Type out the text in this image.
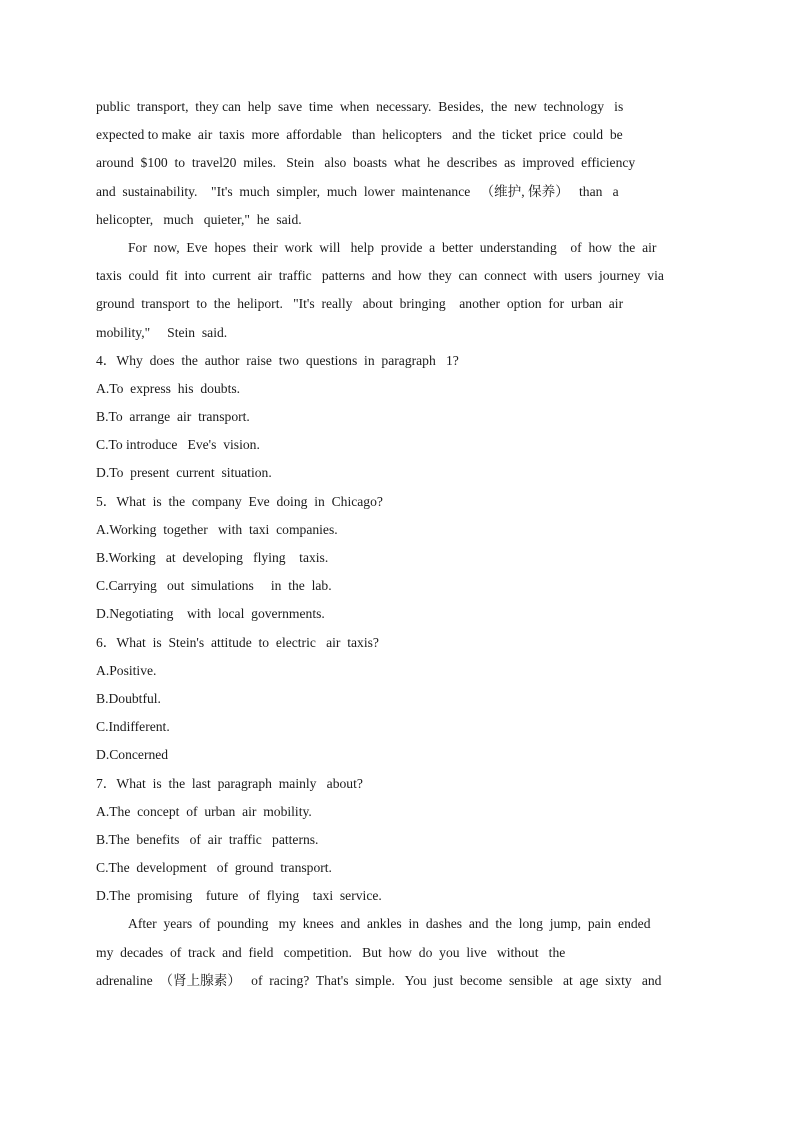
public  transport,  they can  help  save  time  when  necessary.  Besides,  the  new  technology   is
expected to make  air  taxis  more  affordable   than  helicopters   and  the  ticket  price  could  be
around  $100  to  travel20  miles.   Stein   also  boasts  what  he  describes  as  improved  efficiency
and  sustainability.    "It's  much  simpler,  much  lower  maintenance   （维护, 保养）   than   a
helicopter,   much   quieter,"  he  said.
For  now,  Eve  hopes  their  work  will   help  provide  a  better  understanding    of  how  the  air
taxis  could  fit  into  current  air  traffic   patterns  and  how  they  can  connect  with  users  journey  via
ground  transport  to  the  heliport.   "It's  really   about  bringing    another  option  for  urban  air
mobility,"     Stein  said.
4．Why  does  the  author  raise  two  questions  in  paragraph   1?
A.To  express  his  doubts.
B.To  arrange  air  transport.
C.To introduce   Eve's  vision.
D.To  present  current  situation.
5．What  is  the  company  Eve  doing  in  Chicago?
A.Working  together   with  taxi  companies.
B.Working   at  developing   flying    taxis.
C.Carrying   out  simulations     in  the  lab.
D.Negotiating    with  local  governments.
6．What  is  Stein's  attitude  to  electric   air  taxis?
A.Positive.
B.Doubtful.
C.Indifferent.
D.Concerned
7．What  is  the  last  paragraph  mainly   about?
A.The  concept  of  urban  air  mobility.
B.The  benefits   of  air  traffic   patterns.
C.The  development   of  ground  transport.
D.The  promising    future   of  flying    taxi  service.
After  years  of  pounding   my  knees  and  ankles  in  dashes  and  the  long  jump,  pain  ended
my  decades  of  track  and  field   competition.   But  how  do  you  live   without   the
adrenaline  （肾上腺素）   of  racing?  That's  simple.   You  just  become  sensible   at  age  sixty   and
